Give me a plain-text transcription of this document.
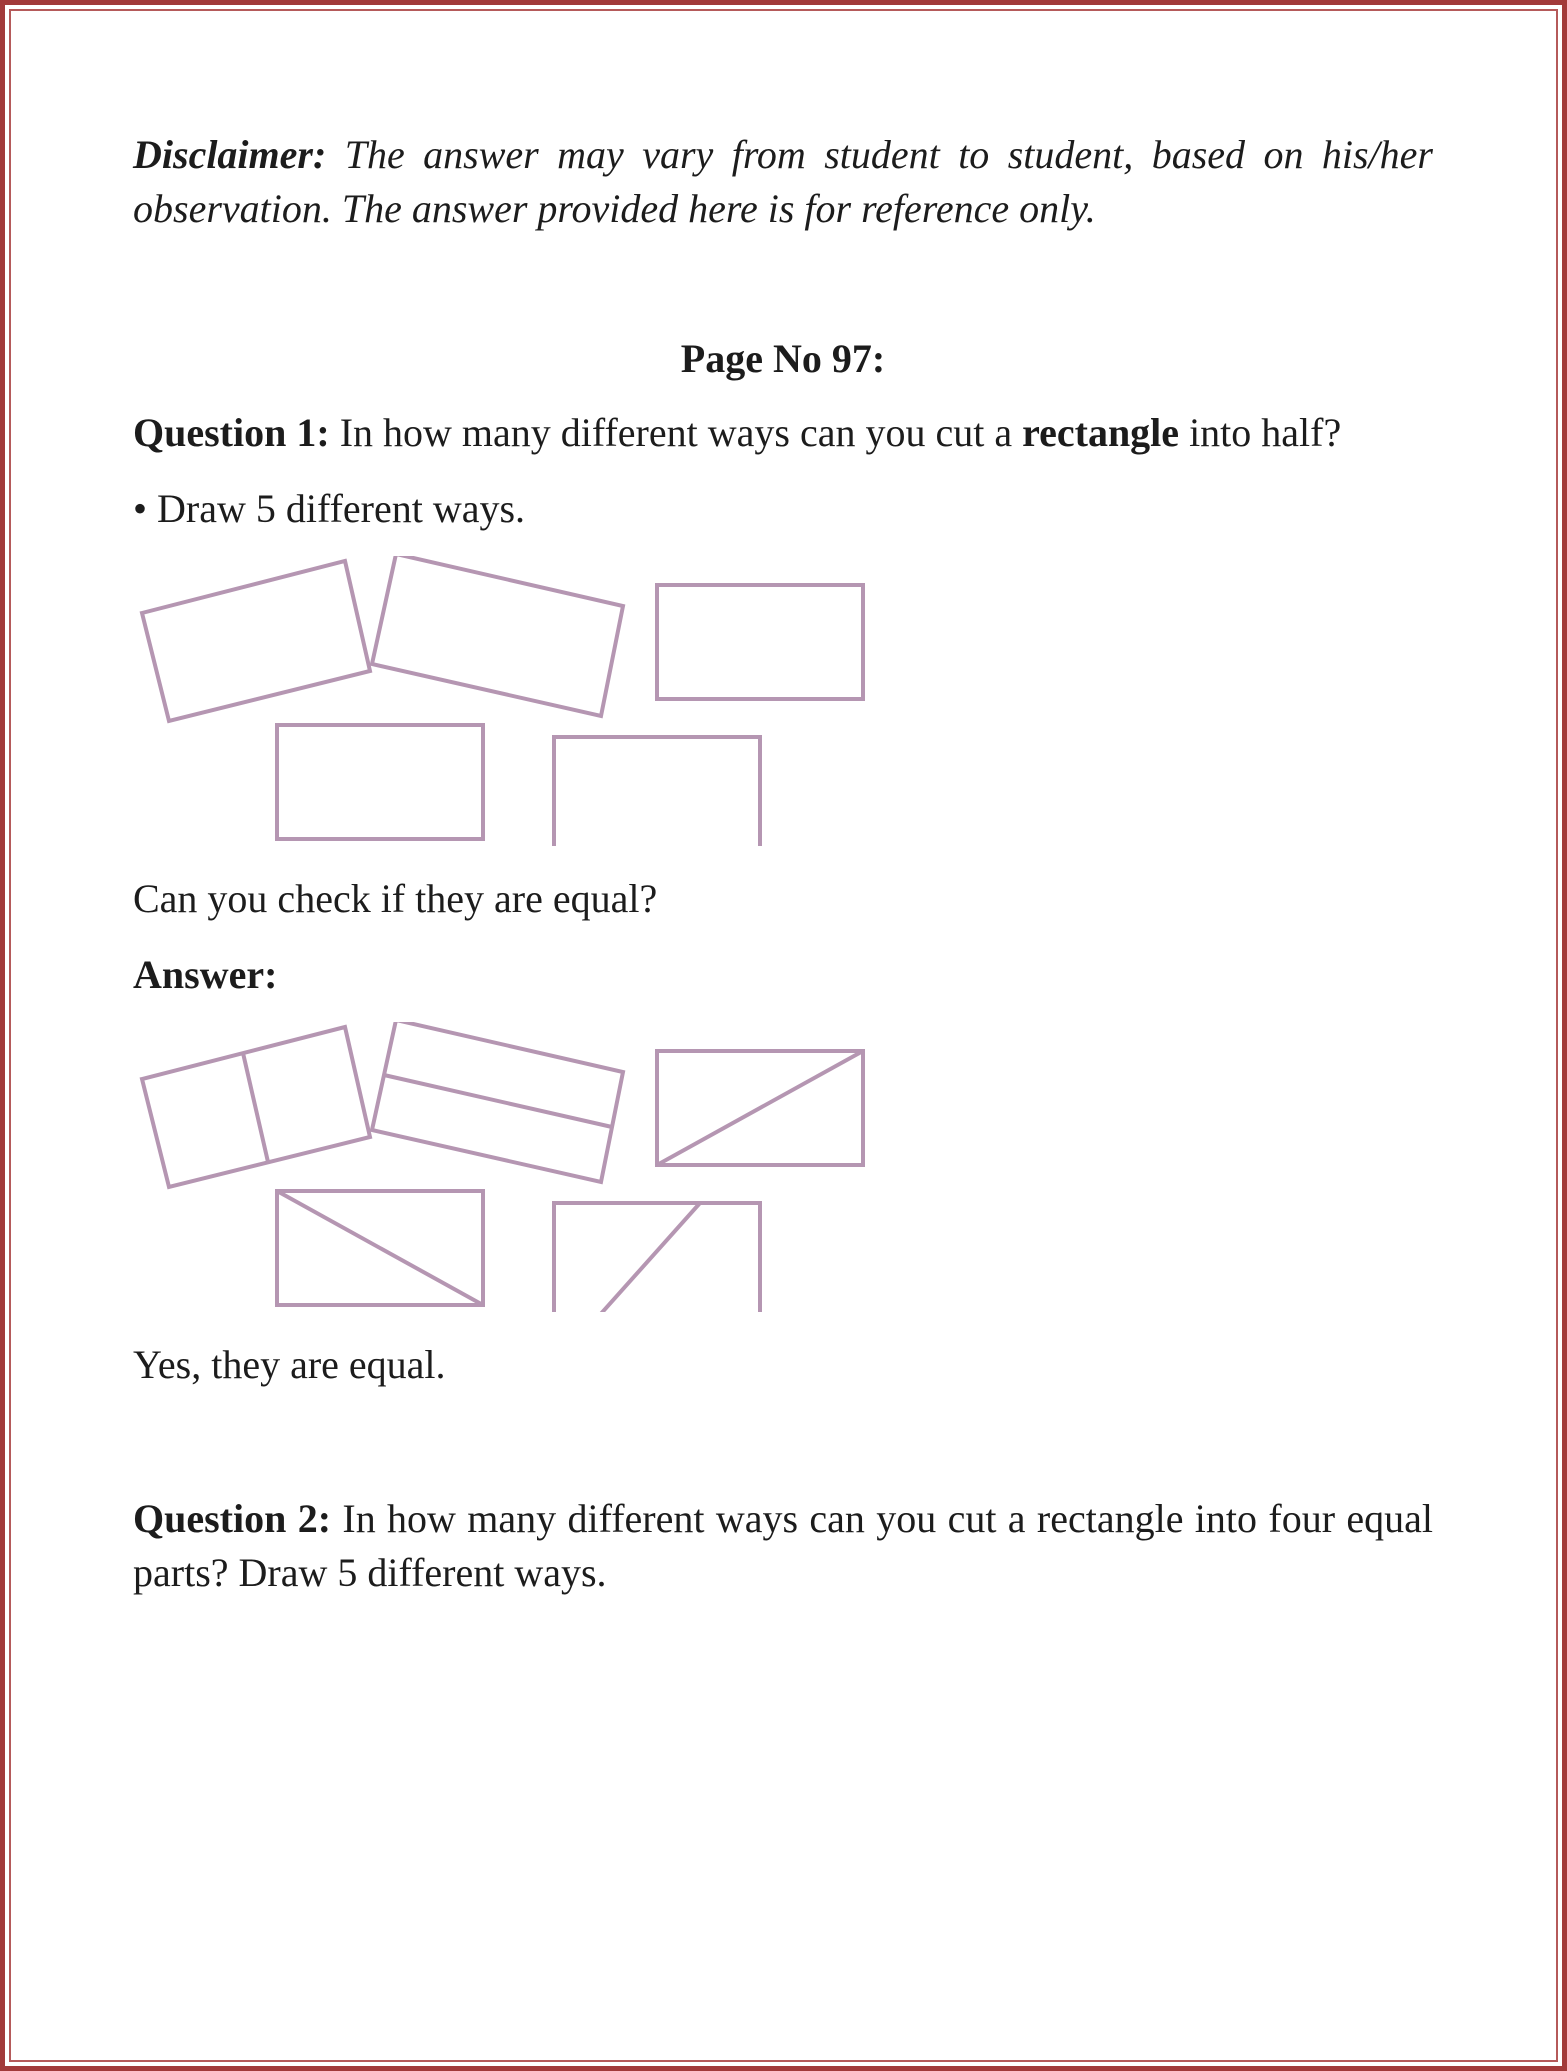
Disclaimer: The answer may vary from student to student, based on his/her observation. The answer provided here is for reference only.

Page No 97:

Question 1: In how many different ways can you cut a rectangle into half?

• Draw 5 different ways.

Can you check if they are equal?

Answer:

Yes, they are equal.

Question 2: In how many different ways can you cut a rectangle into four equal parts? Draw 5 different ways.
